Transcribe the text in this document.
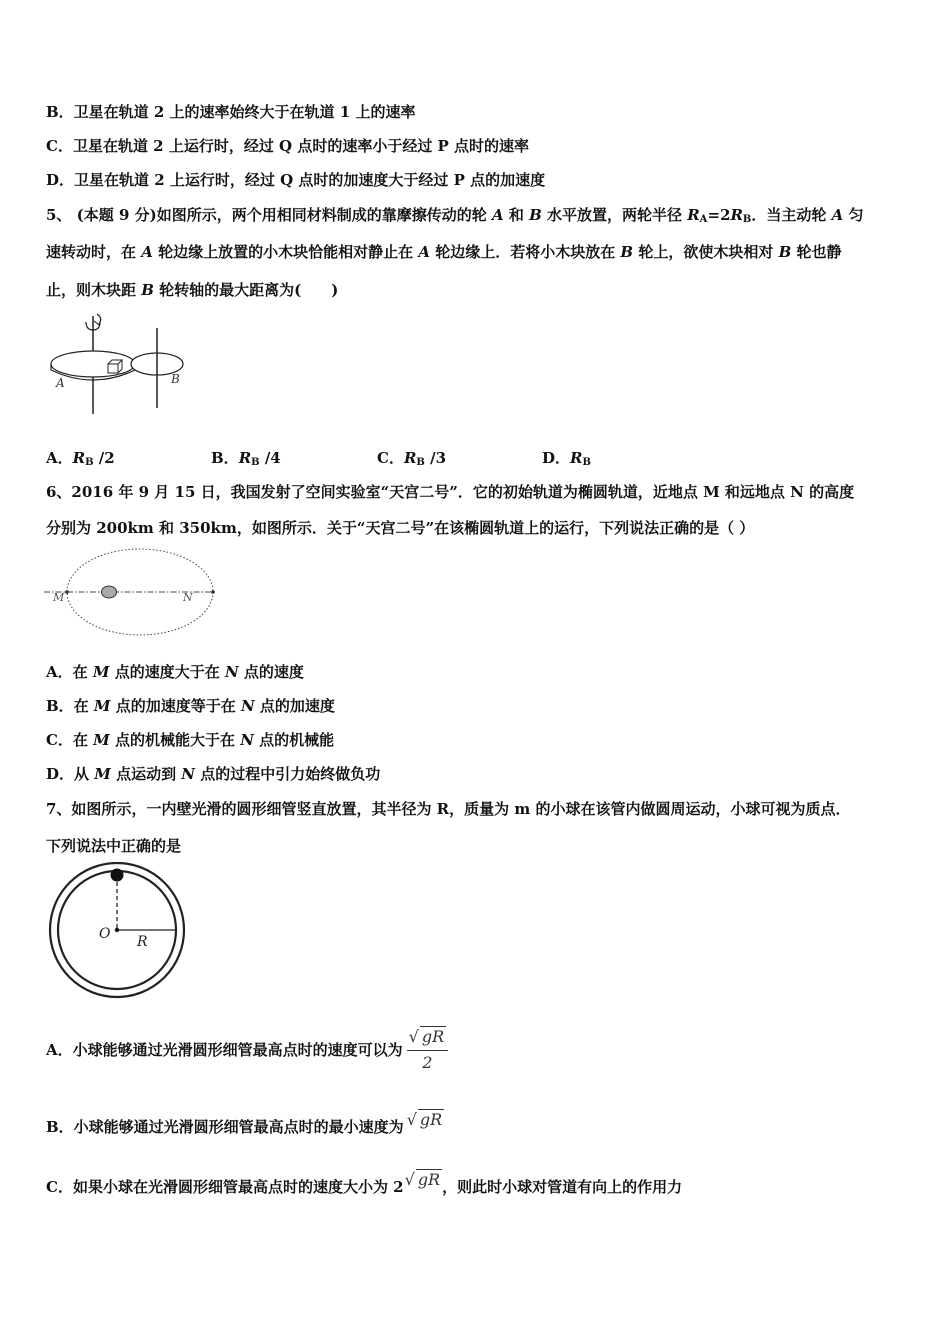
B．卫星在轨道 2 上的速率始终大于在轨道 1 上的速率
C．卫星在轨道 2 上运行时，经过 Q 点时的速率小于经过 P 点时的速率
D．卫星在轨道 2 上运行时，经过 Q 点时的加速度大于经过 P 点的加速度
5、 (本题 9 分)如图所示，两个用相同材料制成的靠摩擦传动的轮 A 和 B 水平放置，两轮半径 $R_A=2R_B$．当主动轮 A 匀
速转动时，在 A 轮边缘上放置的小木块恰能相对静止在 A 轮边缘上．若将小木块放在 B 轮上，欲使木块相对 B 轮也静
止，则木块距 B 轮转轴的最大距离为(　　)
A	B
A．$R_B$ /2	B．$R_B$ /4	C．$R_B$ /3	D．$R_B$
6、2016 年 9 月 15 日，我国发射了空间实验室“天宫二号”．它的初始轨道为椭圆轨道，近地点 M 和远地点 N 的高度
分别为 200km 和 350km，如图所示．关于“天宫二号”在该椭圆轨道上的运行，下列说法正确的是（ ）
M	N
A．在 M 点的速度大于在 N 点的速度
B．在 M 点的加速度等于在 N 点的加速度
C．在 M 点的机械能大于在 N 点的机械能
D．从 M 点运动到 N 点的过程中引力始终做负功
7、如图所示，一内壁光滑的圆形细管竖直放置，其半径为 R，质量为 m 的小球在该管内做圆周运动，小球可视为质点．
下列说法中正确的是
O R
A．小球能够通过光滑圆形细管最高点时的速度可以为 $\frac{√ gR}{2}$
B．小球能够通过光滑圆形细管最高点时的最小速度为 √ gR
C．如果小球在光滑圆形细管最高点时的速度大小为 2√ gR ，则此时小球对管道有向上的作用力
